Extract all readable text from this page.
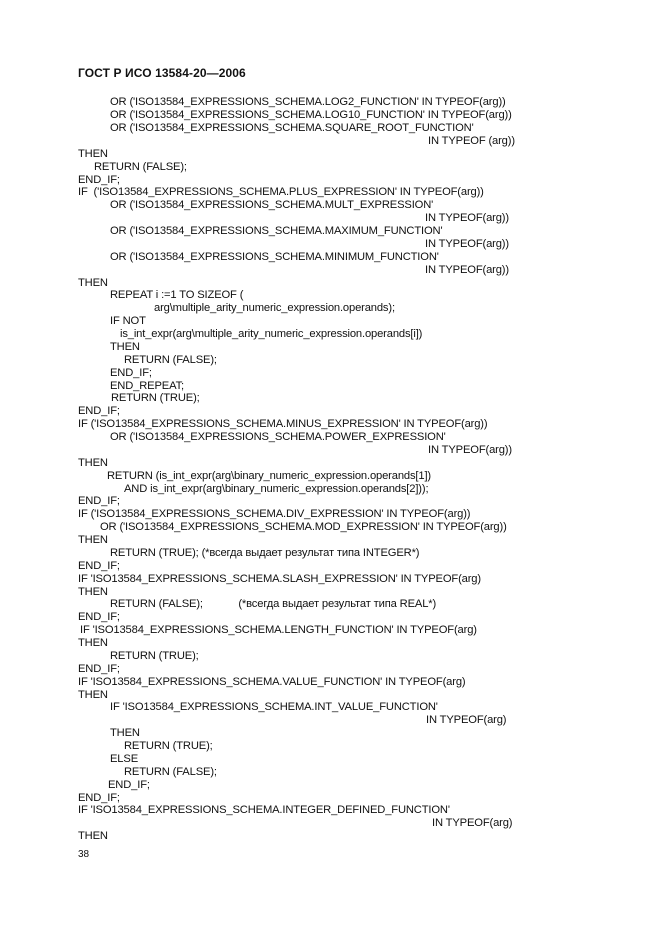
ГОСТ Р ИСО 13584-20—2006
OR ('ISO13584_EXPRESSIONS_SCHEMA.LOG2_FUNCTION' IN TYPEOF(arg))
OR ('ISO13584_EXPRESSIONS_SCHEMA.LOG10_FUNCTION' IN TYPEOF(arg))
OR ('ISO13584_EXPRESSIONS_SCHEMA.SQUARE_ROOT_FUNCTION'
IN TYPEOF (arg))
THEN
RETURN (FALSE);
END_IF;
IF  ('ISO13584_EXPRESSIONS_SCHEMA.PLUS_EXPRESSION' IN TYPEOF(arg))
OR ('ISO13584_EXPRESSIONS_SCHEMA.MULT_EXPRESSION'
IN TYPEOF(arg))
OR ('ISO13584_EXPRESSIONS_SCHEMA.MAXIMUM_FUNCTION'
IN TYPEOF(arg))
OR ('ISO13584_EXPRESSIONS_SCHEMA.MINIMUM_FUNCTION'
IN TYPEOF(arg))
THEN
REPEAT i :=1 TO SIZEOF (
arg\multiple_arity_numeric_expression.operands);
IF NOT
is_int_expr(arg\multiple_arity_numeric_expression.operands[i])
THEN
RETURN (FALSE);
END_IF;
END_REPEAT;
RETURN (TRUE);
END_IF;
IF ('ISO13584_EXPRESSIONS_SCHEMA.MINUS_EXPRESSION' IN TYPEOF(arg))
OR ('ISO13584_EXPRESSIONS_SCHEMA.POWER_EXPRESSION'
IN TYPEOF(arg))
THEN
RETURN (is_int_expr(arg\binary_numeric_expression.operands[1])
AND is_int_expr(arg\binary_numeric_expression.operands[2]));
END_IF;
IF ('ISO13584_EXPRESSIONS_SCHEMA.DIV_EXPRESSION' IN TYPEOF(arg))
OR ('ISO13584_EXPRESSIONS_SCHEMA.MOD_EXPRESSION' IN TYPEOF(arg))
THEN
RETURN (TRUE); (*всегда выдает результат типа INTEGER*)
END_IF;
IF 'ISO13584_EXPRESSIONS_SCHEMA.SLASH_EXPRESSION' IN TYPEOF(arg)
THEN
RETURN (FALSE);            (*всегда выдает результат типа REAL*)
END_IF;
IF 'ISO13584_EXPRESSIONS_SCHEMA.LENGTH_FUNCTION' IN TYPEOF(arg)
THEN
RETURN (TRUE);
END_IF;
IF 'ISO13584_EXPRESSIONS_SCHEMA.VALUE_FUNCTION' IN TYPEOF(arg)
THEN
IF 'ISO13584_EXPRESSIONS_SCHEMA.INT_VALUE_FUNCTION'
IN TYPEOF(arg)
THEN
RETURN (TRUE);
ELSE
RETURN (FALSE);
END_IF;
END_IF;
IF 'ISO13584_EXPRESSIONS_SCHEMA.INTEGER_DEFINED_FUNCTION'
IN TYPEOF(arg)
THEN
38
